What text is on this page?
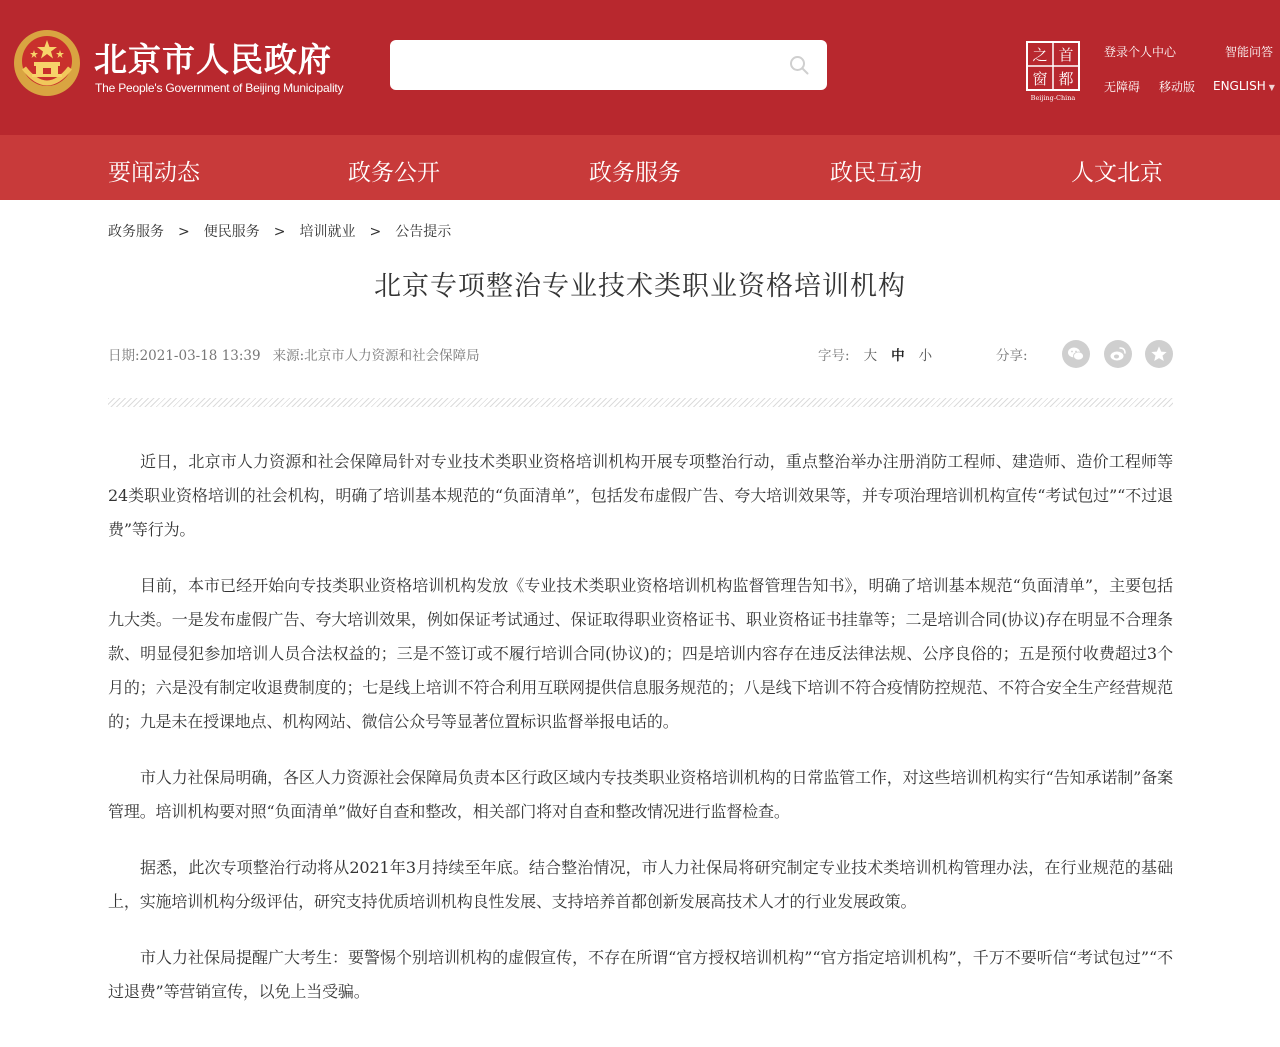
北京市人民政府
The People's Government of Beijing Municipality
之 首
窗 都
Beijing-China
登录个人中心	智能问答
无障碍 移动版 ENGLISH ▼
要闻动态	政务公开	政务服务	政民互动	人文北京
政务服务 > 便民服务 > 培训就业 > 公告提示
北京专项整治专业技术类职业资格培训机构
日期:2021-03-18 13:39 来源:北京市人力资源和社会保障局	字号: 大 中 小	分享:

近日，北京市人力资源和社会保障局针对专业技术类职业资格培训机构开展专项整治行动，重点整治举办注册消防工程师、建造师、造价工程师等24类职业资格培训的社会机构，明确了培训基本规范的“负面清单”，包括发布虚假广告、夸大培训效果等，并专项治理培训机构宣传“考试包过”“不过退费”等行为。

目前，本市已经开始向专技类职业资格培训机构发放《专业技术类职业资格培训机构监督管理告知书》，明确了培训基本规范“负面清单”，主要包括九大类。一是发布虚假广告、夸大培训效果，例如保证考试通过、保证取得职业资格证书、职业资格证书挂靠等；二是培训合同(协议)存在明显不合理条款、明显侵犯参加培训人员合法权益的；三是不签订或不履行培训合同(协议)的；四是培训内容存在违反法律法规、公序良俗的；五是预付收费超过3个月的；六是没有制定收退费制度的；七是线上培训不符合利用互联网提供信息服务规范的；八是线下培训不符合疫情防控规范、不符合安全生产经营规范的；九是未在授课地点、机构网站、微信公众号等显著位置标识监督举报电话的。

市人力社保局明确，各区人力资源社会保障局负责本区行政区域内专技类职业资格培训机构的日常监管工作，对这些培训机构实行“告知承诺制”备案管理。培训机构要对照“负面清单”做好自查和整改，相关部门将对自查和整改情况进行监督检查。

据悉，此次专项整治行动将从2021年3月持续至年底。结合整治情况，市人力社保局将研究制定专业技术类培训机构管理办法，在行业规范的基础上，实施培训机构分级评估，研究支持优质培训机构良性发展、支持培养首都创新发展高技术人才的行业发展政策。

市人力社保局提醒广大考生：要警惕个别培训机构的虚假宣传，不存在所谓“官方授权培训机构”“官方指定培训机构”，千万不要听信“考试包过”“不过退费”等营销宣传，以免上当受骗。
